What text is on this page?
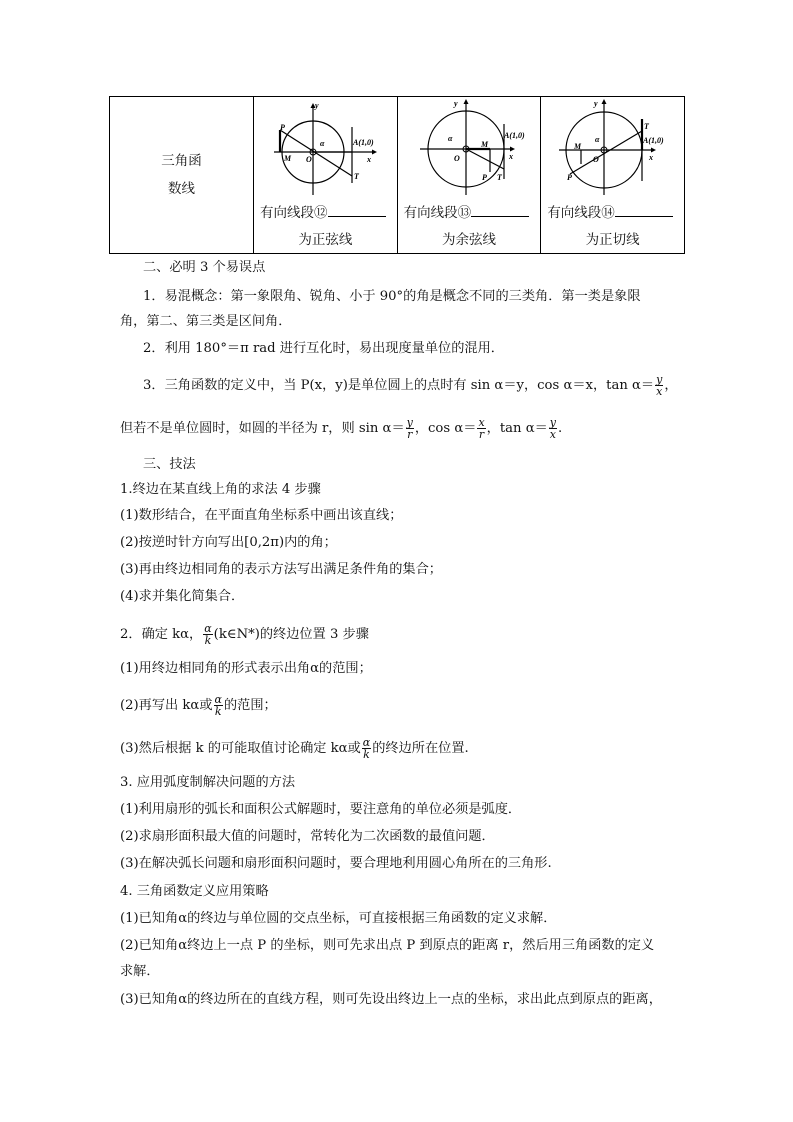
三角函
数线

y
x
O
M
P
A(1,0)
T
α
有向线段⑫
为正弦线

y
x
O
M
P
A(1,0)
T
α
有向线段⑬
为余弦线

y
x
O
M
P
A(1,0)
T
α
有向线段⑭
为正切线
二、必明 3 个易误点
1．易混概念：第一象限角、锐角、小于 90°的角是概念不同的三类角．第一类是象限
角，第二、第三类是区间角．
2．利用 180°＝π rad 进行互化时，易出现度量单位的混用．
3．三角函数的定义中，当 P(x，y)是单位圆上的点时有 sin α＝y，cos α＝x，$\tan \alpha= \frac{y}{x}$ ，
但若不是单位圆时，如圆的半径为 r，则 $\sin \alpha= \frac{y}{r}$ ，$\cos \alpha= \frac{x}{r}$ ，$\tan \alpha= \frac{y}{x}$ .
三、技法
1.终边在某直线上角的求法 4 步骤
(1)数形结合，在平面直角坐标系中画出该直线；
(2)按逆时针方向写出[0,2π)内的角；
(3)再由终边相同角的表示方法写出满足条件角的集合；
(4)求并集化简集合．
2．确定 kα， $\frac{\alpha}{k}$ (k∈N*)的终边位置 3 步骤
(1)用终边相同角的形式表示出角α的范围；
(2)再写出 kα或 $\frac{\alpha}{k}$ 的范围；
(3)然后根据 k 的可能取值讨论确定 kα或 $\frac{\alpha}{k}$ 的终边所在位置.
3. 应用弧度制解决问题的方法
(1)利用扇形的弧长和面积公式解题时，要注意角的单位必须是弧度．
(2)求扇形面积最大值的问题时，常转化为二次函数的最值问题．
(3)在解决弧长问题和扇形面积问题时，要合理地利用圆心角所在的三角形.
4. 三角函数定义应用策略
(1)已知角α的终边与单位圆的交点坐标，可直接根据三角函数的定义求解．
(2)已知角α终边上一点 P 的坐标，则可先求出点 P 到原点的距离 r，然后用三角函数的定义
求解．
(3)已知角α的终边所在的直线方程，则可先设出终边上一点的坐标，求出此点到原点的距离，
